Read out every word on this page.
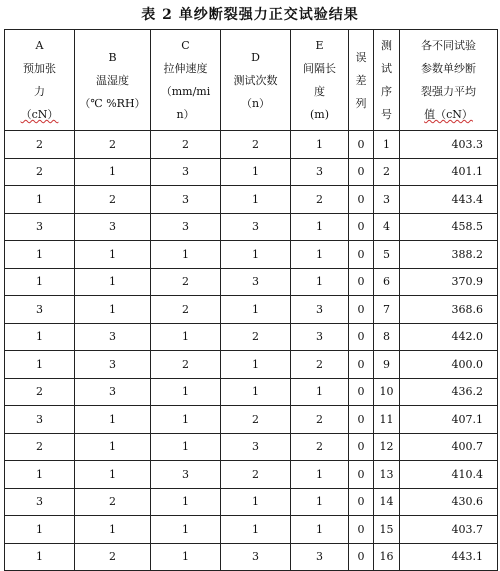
表 2 单纱断裂强力正交试验结果
A
预加张
力
（cN）	B
温湿度
（℃ %RH）	C
拉伸速度
（mm/mi
n）	D
测试次数
（n）	E
间隔长
度
(m)	误
差
列	测
试
序
号	各不同试验
参数单纱断
裂强力平均
值（cN）

2	2	2	2	1	0	1	403.3
2	1	3	1	3	0	2	401.1
1	2	3	1	2	0	3	443.4
3	3	3	3	1	0	4	458.5
1	1	1	1	1	0	5	388.2
1	1	2	3	1	0	6	370.9
3	1	2	1	3	0	7	368.6
1	3	1	2	3	0	8	442.0
1	3	2	1	2	0	9	400.0
2	3	1	1	1	0	10	436.2
3	1	1	2	2	0	11	407.1
2	1	1	3	2	0	12	400.7
1	1	3	2	1	0	13	410.4
3	2	1	1	1	0	14	430.6
1	1	1	1	1	0	15	403.7
1	2	1	3	3	0	16	443.1
